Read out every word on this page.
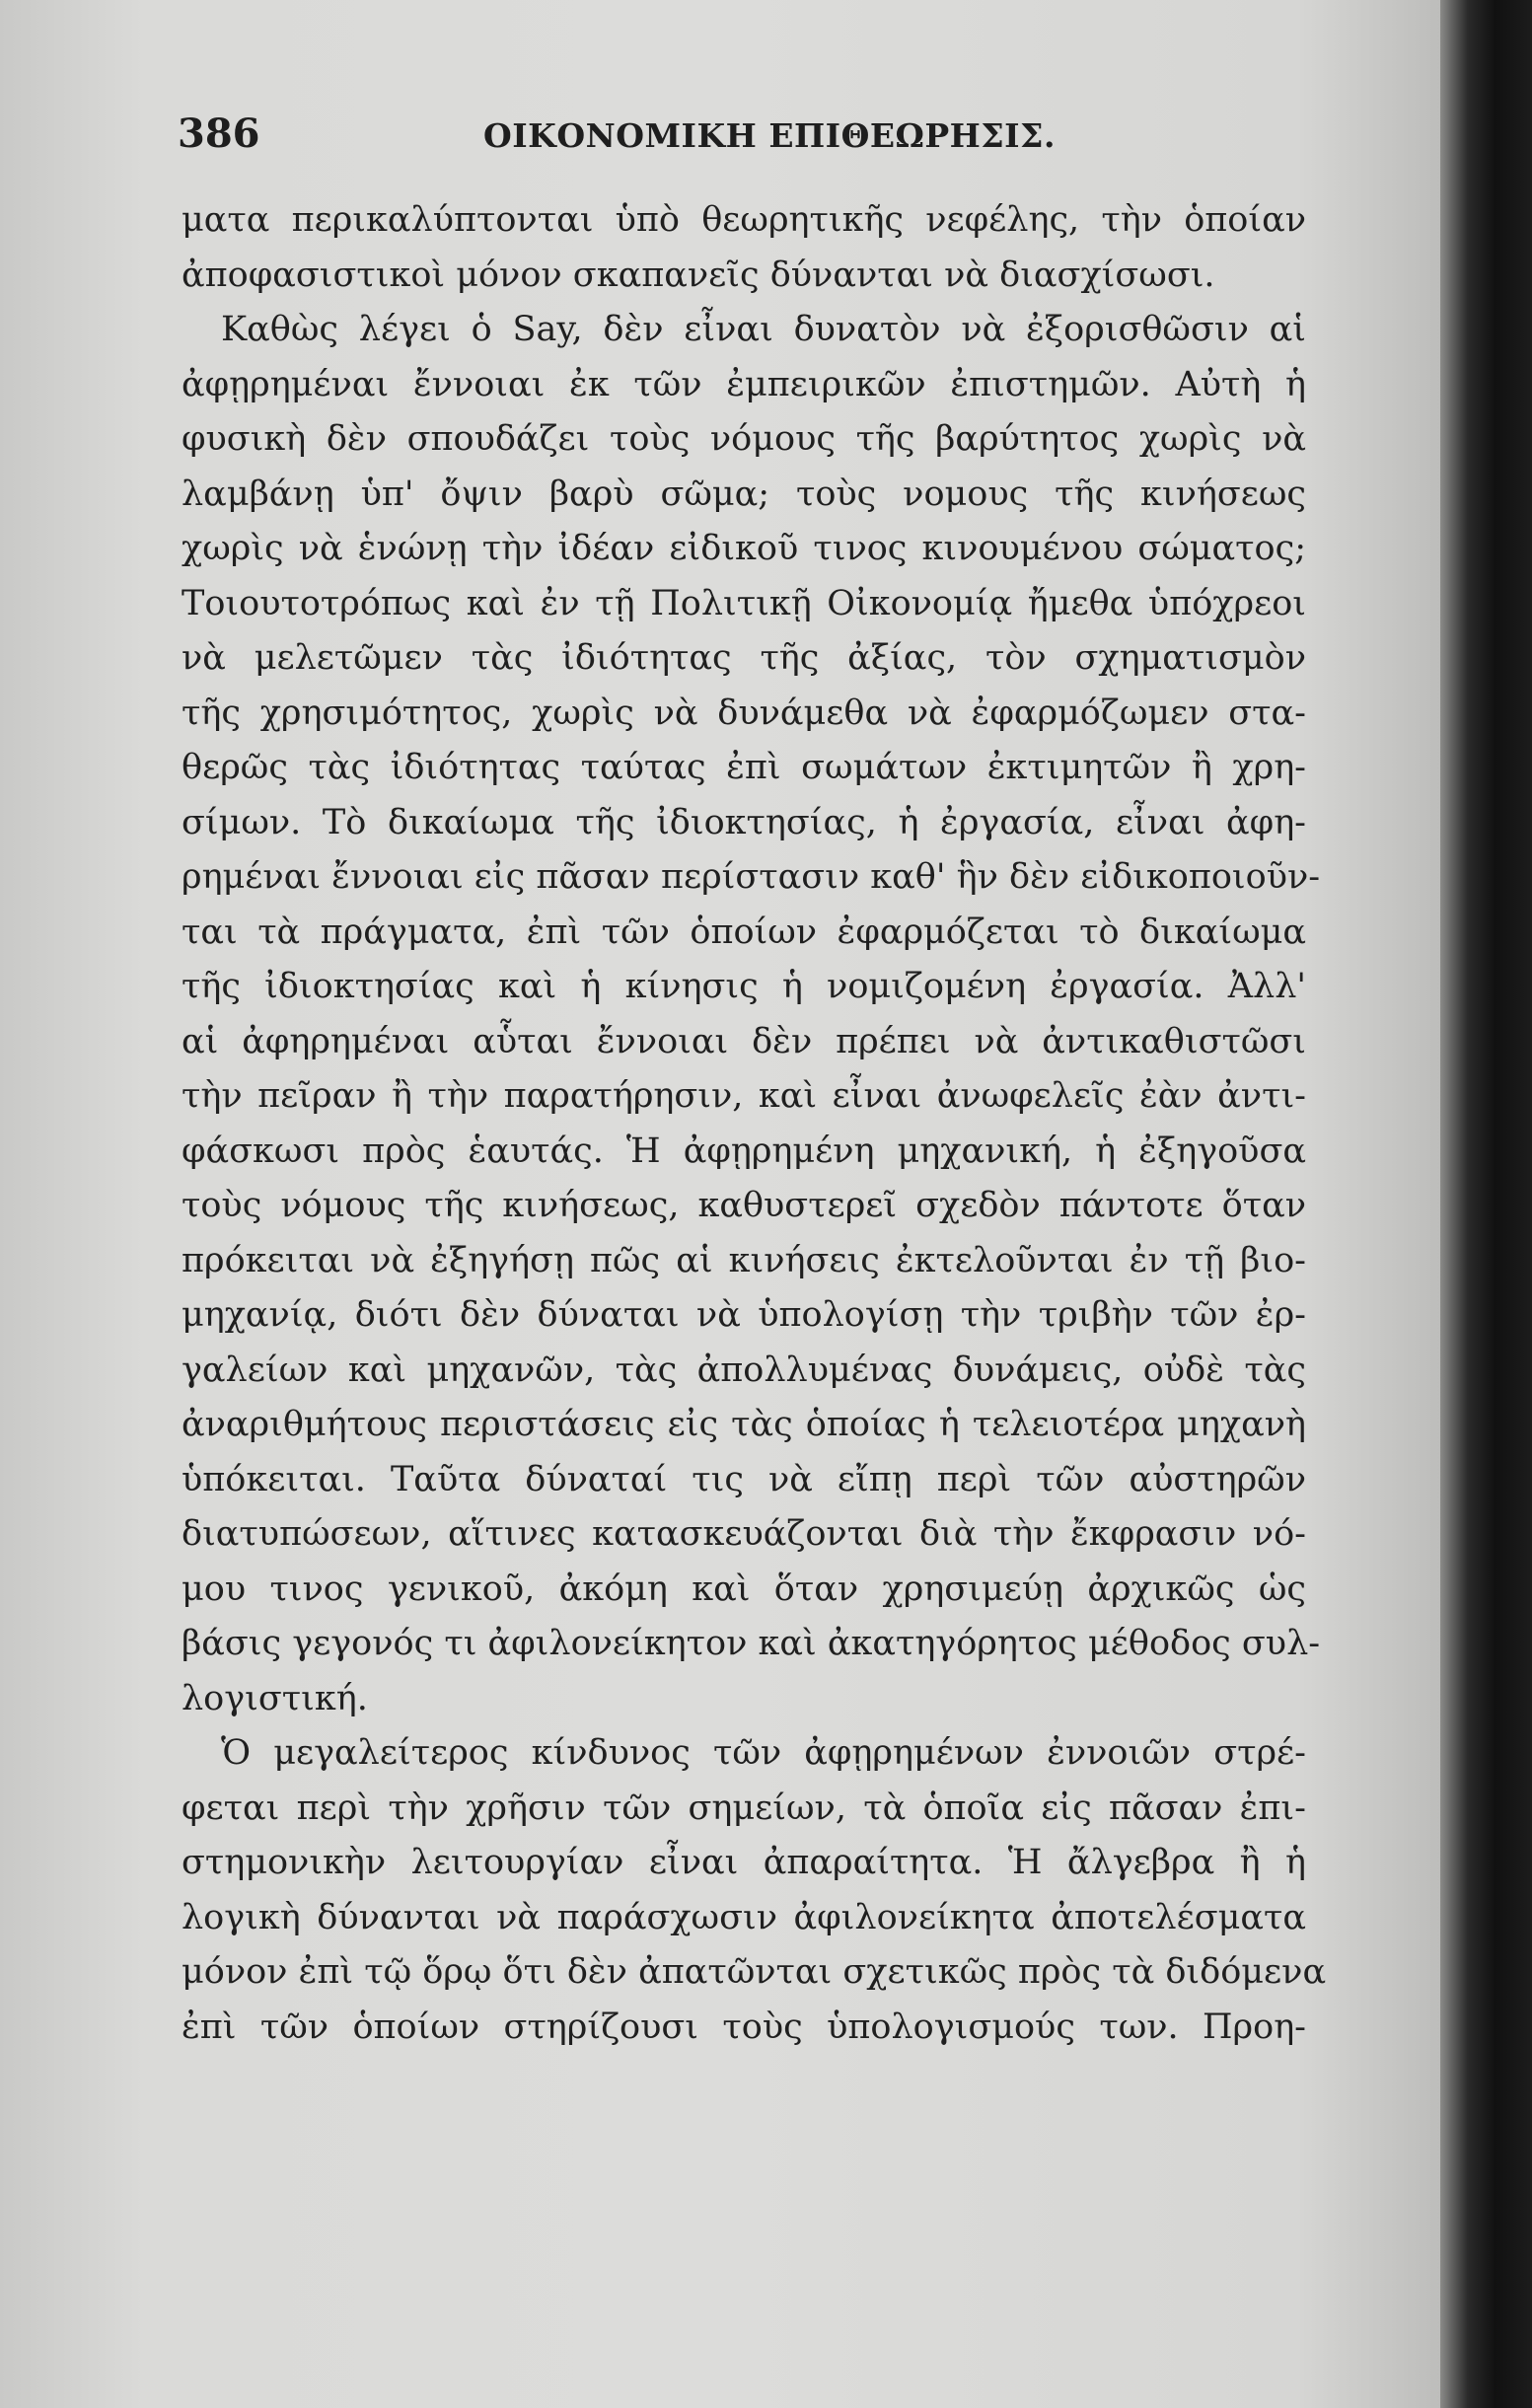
386	ΟΙΚΟΝΟΜΙΚΗ ΕΠΙΘΕΩΡΗΣΙΣ.
ματα περικαλύπτονται ὑπὸ θεωρητικῆς νεφέλης, τὴν ὁποίαν
ἀποφασιστικοὶ μόνον σκαπανεῖς δύνανται νὰ διασχίσωσι.
Καθὼς λέγει ὁ Say, δὲν εἶναι δυνατὸν νὰ ἐξορισθῶσιν αἱ
ἀφῃρημέναι ἔννοιαι ἐκ τῶν ἐμπειρικῶν ἐπιστημῶν. Αὐτὴ ἡ
φυσικὴ δὲν σπουδάζει τοὺς νόμους τῆς βαρύτητος χωρὶς νὰ
λαμβάνῃ ὑπ' ὄψιν βαρὺ σῶμα; τοὺς νομους τῆς κινήσεως
χωρὶς νὰ ἑνώνῃ τὴν ἰδέαν εἰδικοῦ τινος κινουμένου σώματος;
Τοιουτοτρόπως καὶ ἐν τῇ Πολιτικῇ Οἰκονομίᾳ ἤμεθα ὑπόχρεοι
νὰ μελετῶμεν τὰς ἰδιότητας τῆς ἀξίας, τὸν σχηματισμὸν
τῆς χρησιμότητος, χωρὶς νὰ δυνάμεθα νὰ ἐφαρμόζωμεν στα-
θερῶς τὰς ἰδιότητας ταύτας ἐπὶ σωμάτων ἐκτιμητῶν ἢ χρη-
σίμων. Τὸ δικαίωμα τῆς ἰδιοκτησίας, ἡ ἐργασία, εἶναι ἀφη-
ρημέναι ἔννοιαι εἰς πᾶσαν περίστασιν καθ' ἣν δὲν εἰδικοποιοῦν-
ται τὰ πράγματα, ἐπὶ τῶν ὁποίων ἐφαρμόζεται τὸ δικαίωμα
τῆς ἰδιοκτησίας καὶ ἡ κίνησις ἡ νομιζομένη ἐργασία. Ἀλλ'
αἱ ἀφηρημέναι αὗται ἔννοιαι δὲν πρέπει νὰ ἀντικαθιστῶσι
τὴν πεῖραν ἢ τὴν παρατήρησιν, καὶ εἶναι ἀνωφελεῖς ἐὰν ἀντι-
φάσκωσι πρὸς ἑαυτάς. Ἡ ἀφῃρημένη μηχανική, ἡ ἐξηγοῦσα
τοὺς νόμους τῆς κινήσεως, καθυστερεῖ σχεδὸν πάντοτε ὅταν
πρόκειται νὰ ἐξηγήσῃ πῶς αἱ κινήσεις ἐκτελοῦνται ἐν τῇ βιο-
μηχανίᾳ, διότι δὲν δύναται νὰ ὑπολογίσῃ τὴν τριβὴν τῶν ἐρ-
γαλείων καὶ μηχανῶν, τὰς ἀπολλυμένας δυνάμεις, οὐδὲ τὰς
ἀναριθμήτους περιστάσεις εἰς τὰς ὁποίας ἡ τελειοτέρα μηχανὴ
ὑπόκειται. Ταῦτα δύναταί τις νὰ εἴπῃ περὶ τῶν αὐστηρῶν
διατυπώσεων, αἵτινες κατασκευάζονται διὰ τὴν ἔκφρασιν νό-
μου τινος γενικοῦ, ἀκόμη καὶ ὅταν χρησιμεύῃ ἀρχικῶς ὡς
βάσις γεγονός τι ἀφιλονείκητον καὶ ἀκατηγόρητος μέθοδος συλ-
λογιστική.
Ὁ μεγαλείτερος κίνδυνος τῶν ἀφῃρημένων ἐννοιῶν στρέ-
φεται περὶ τὴν χρῆσιν τῶν σημείων, τὰ ὁποῖα εἰς πᾶσαν ἐπι-
στημονικὴν λειτουργίαν εἶναι ἀπαραίτητα. Ἡ ἄλγεβρα ἢ ἡ
λογικὴ δύνανται νὰ παράσχωσιν ἀφιλονείκητα ἀποτελέσματα
μόνον ἐπὶ τῷ ὅρῳ ὅτι δὲν ἀπατῶνται σχετικῶς πρὸς τὰ διδόμενα
ἐπὶ τῶν ὁποίων στηρίζουσι τοὺς ὑπολογισμούς των. Προη-
